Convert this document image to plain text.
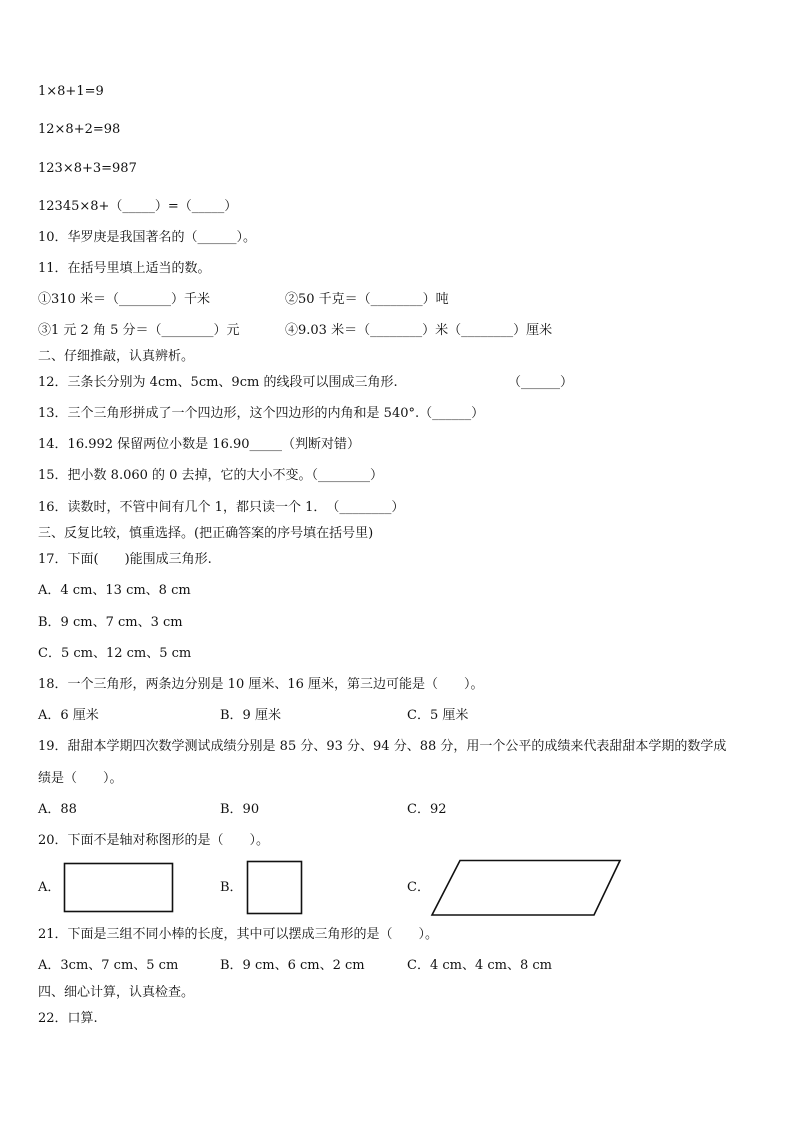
1×8+1=9
12×8+2=98
123×8+3=987
12345×8+（_____）=（_____）
10．华罗庚是我国著名的（______）。
11．在括号里填上适当的数。
①310 米＝（________）千米	②50 千克＝（________）吨
③1 元 2 角 5 分＝（________）元	④9.03 米＝（________）米（________）厘米
二、仔细推敲，认真辨析。
12．三条长分别为 4cm、5cm、9cm 的线段可以围成三角形.	（______）
13．三个三角形拼成了一个四边形，这个四边形的内角和是 540°.（______）
14．16.992 保留两位小数是 16.90_____（判断对错）
15．把小数 8.060 的 0 去掉，它的大小不变。（________）
16．读数时，不管中间有几个 1，都只读一个 1．　（________）
三、反复比较，慎重选择。(把正确答案的序号填在括号里)
17．下面(　　)能围成三角形.
A．4 cm、13 cm、8 cm
B．9 cm、7 cm、3 cm
C．5 cm、12 cm、5 cm
18．一个三角形，两条边分别是 10 厘米、16 厘米，第三边可能是（　　）。
A．6 厘米	B．9 厘米	C．5 厘米
19．甜甜本学期四次数学测试成绩分别是 85 分、93 分、94 分、88 分，用一个公平的成绩来代表甜甜本学期的数学成
绩是（　　）。
A．88	B．90	C．92
20．下面不是轴对称图形的是（　　）。
A．	B．	C．
21．下面是三组不同小棒的长度，其中可以摆成三角形的是（　　）。
A．3cm、7 cm、5 cm	B．9 cm、6 cm、2 cm	C．4 cm、4 cm、8 cm
四、细心计算，认真检查。
22．口算.
